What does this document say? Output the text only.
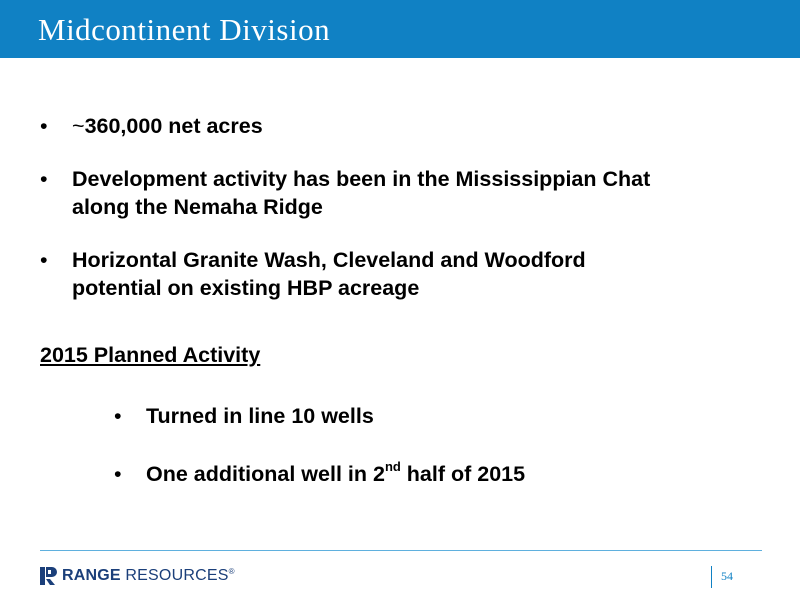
Midcontinent Division
• ~360,000 net acres
• Development activity has been in the Mississippian Chat
along the Nemaha Ridge
• Horizontal Granite Wash, Cleveland and Woodford
potential on existing HBP acreage
2015 Planned Activity
• Turned in line 10 wells
• One additional well in 2nd half of 2015
RANGE RESOURCES®	54
